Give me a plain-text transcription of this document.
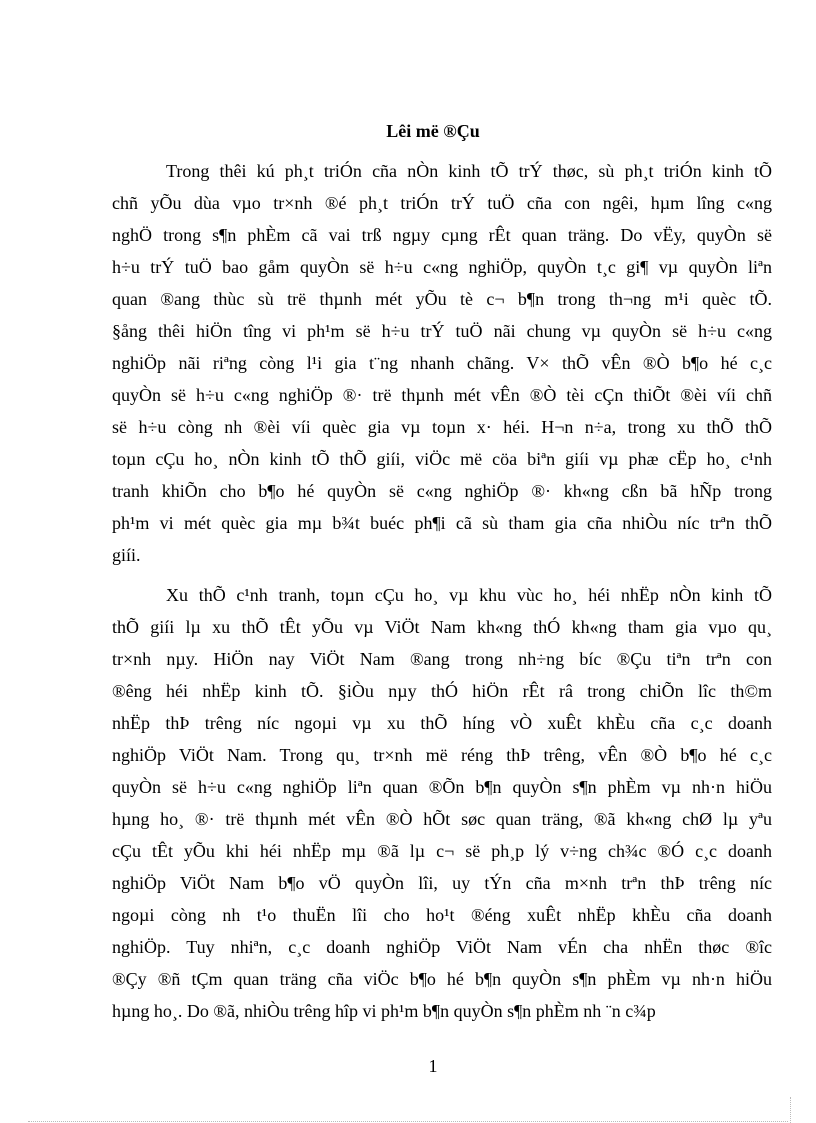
Lêi më ®Çu
Trong thêi kú ph¸t triÓn cña nÒn kinh tÕ trÝ thøc, sù ph¸t triÓn kinh tÕ
chñ yÕu dùa vµo tr×nh ®é ph¸t triÓn trÝ tuÖ cña con ngêi, hµm lîng c«ng
nghÖ trong s¶n phÈm cã vai trß ngµy cµng rÊt quan träng. Do vËy, quyÒn së
h÷u trÝ tuÖ bao gåm quyÒn së h÷u c«ng nghiÖp, quyÒn t¸c gi¶ vµ quyÒn liªn
quan ®ang thùc sù trë thµnh mét yÕu tè c¬ b¶n trong th¬ng m¹i quèc tÕ.
§ång thêi hiÖn tîng vi ph¹m së h÷u trÝ tuÖ nãi chung vµ quyÒn së h÷u c«ng
nghiÖp nãi riªng còng l¹i gia t¨ng nhanh chãng. V× thÕ vÊn ®Ò b¶o hé c¸c
quyÒn së h÷u c«ng nghiÖp ®· trë thµnh mét vÊn ®Ò tèi cÇn thiÕt ®èi víi chñ
së h÷u còng nh ®èi víi quèc gia vµ toµn x· héi. H¬n n÷a, trong xu thÕ thÕ
toµn cÇu ho¸ nÒn kinh tÕ thÕ giíi, viÖc më cöa biªn giíi vµ phæ cËp ho¸ c¹nh
tranh khiÕn cho b¶o hé quyÒn së c«ng nghiÖp ®· kh«ng cßn bã hÑp trong
ph¹m vi mét quèc gia mµ b¾t buéc ph¶i cã sù tham gia cña nhiÒu níc trªn thÕ
giíi.
Xu thÕ c¹nh tranh, toµn cÇu ho¸ vµ khu vùc ho¸ héi nhËp nÒn kinh tÕ
thÕ giíi lµ xu thÕ tÊt yÕu vµ ViÖt Nam kh«ng thÓ kh«ng tham gia vµo qu¸
tr×nh nµy. HiÖn nay ViÖt Nam ®ang trong nh÷ng bíc ®Çu tiªn trªn con
®êng héi nhËp kinh tÕ. §iÒu nµy thÓ hiÖn rÊt râ trong chiÕn lîc th©m
nhËp thÞ trêng níc ngoµi vµ xu thÕ híng vÒ xuÊt khÈu cña c¸c doanh
nghiÖp ViÖt Nam. Trong qu¸ tr×nh më réng thÞ trêng, vÊn ®Ò b¶o hé c¸c
quyÒn së h÷u c«ng nghiÖp liªn quan ®Õn b¶n quyÒn s¶n phÈm vµ nh·n hiÖu
hµng ho¸ ®· trë thµnh mét vÊn ®Ò hÕt søc quan träng, ®ã kh«ng chØ lµ yªu
cÇu tÊt yÕu khi héi nhËp mµ ®ã lµ c¬ së ph¸p lý v÷ng ch¾c ®Ó c¸c doanh
nghiÖp ViÖt Nam b¶o vÖ quyÒn lîi, uy tÝn cña m×nh trªn thÞ trêng níc
ngoµi còng nh t¹o thuËn lîi cho ho¹t ®éng xuÊt nhËp khÈu cña doanh
nghiÖp. Tuy nhiªn, c¸c doanh nghiÖp ViÖt Nam vÉn cha nhËn thøc ®îc
®Çy ®ñ tÇm quan träng cña viÖc b¶o hé b¶n quyÒn s¶n phÈm vµ nh·n hiÖu
hµng ho¸. Do ®ã, nhiÒu trêng hîp vi ph¹m b¶n quyÒn s¶n phÈm nh ¨n c¾p
1
